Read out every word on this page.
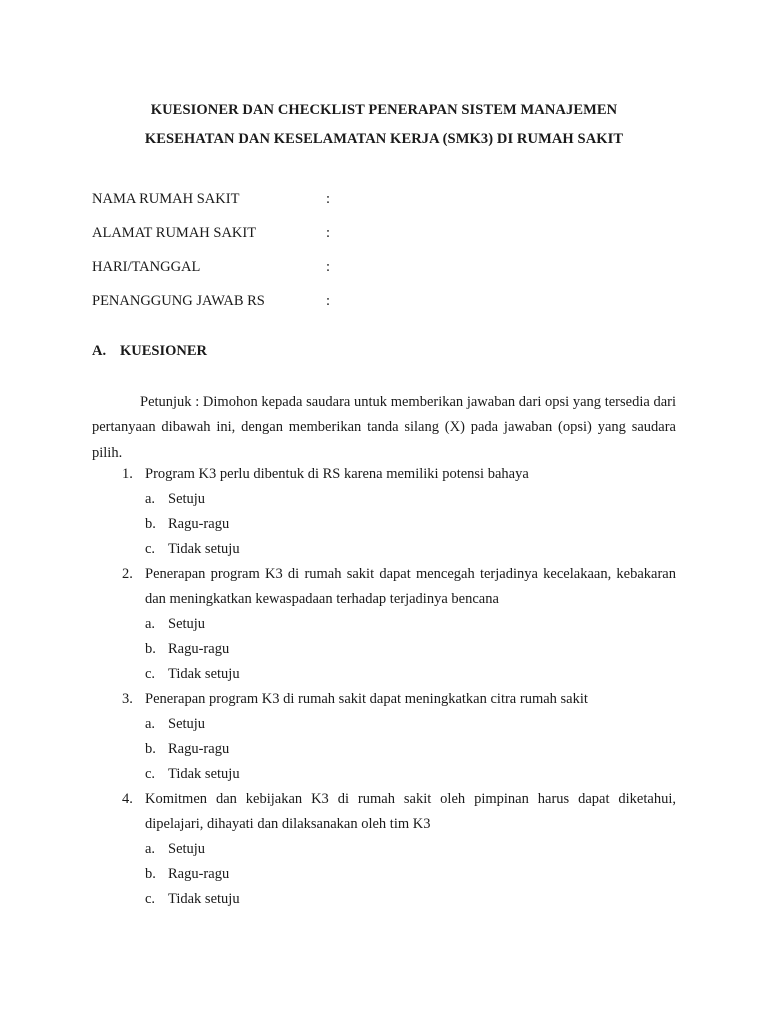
KUESIONER DAN CHECKLIST PENERAPAN SISTEM MANAJEMEN
KESEHATAN DAN KESELAMATAN KERJA (SMK3) DI RUMAH SAKIT
NAMA RUMAH SAKIT	:
ALAMAT RUMAH SAKIT	:
HARI/TANGGAL	:
PENANGGUNG JAWAB RS	:
A. KUESIONER

Petunjuk : Dimohon kepada saudara untuk memberikan jawaban dari opsi yang tersedia dari pertanyaan dibawah ini, dengan memberikan tanda silang (X) pada jawaban (opsi) yang saudara pilih.

1. Program K3 perlu dibentuk di RS karena memiliki potensi bahaya
a. Setuju
b. Ragu-ragu
c. Tidak setuju
2. Penerapan program K3 di rumah sakit dapat mencegah terjadinya kecelakaan, kebakaran dan meningkatkan kewaspadaan terhadap terjadinya bencana
a. Setuju
b. Ragu-ragu
c. Tidak setuju
3. Penerapan program K3 di rumah sakit dapat meningkatkan citra rumah sakit
a. Setuju
b. Ragu-ragu
c. Tidak setuju
4. Komitmen dan kebijakan K3 di rumah sakit oleh pimpinan harus dapat diketahui, dipelajari, dihayati dan dilaksanakan oleh tim K3
a. Setuju
b. Ragu-ragu
c. Tidak setuju
